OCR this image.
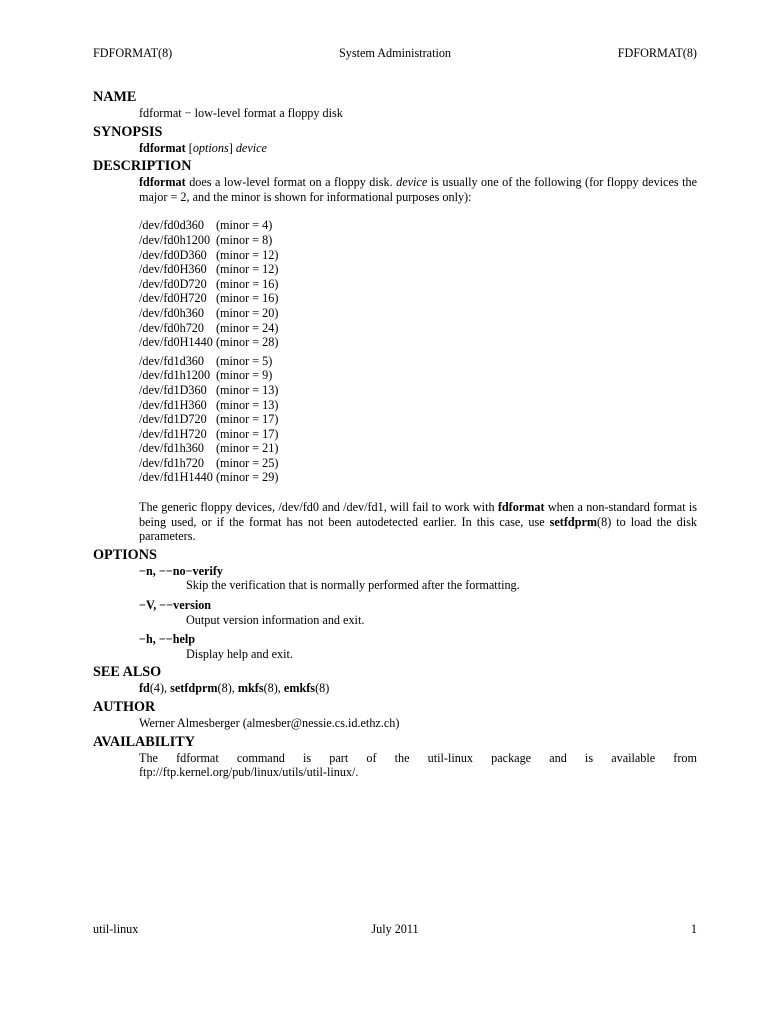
FDFORMAT(8)	System Administration	FDFORMAT(8)
NAME

fdformat − low-level format a floppy disk

SYNOPSIS

fdformat [options] device

DESCRIPTION

fdformat does a low-level format on a floppy disk. device is usually one of the following (for floppy devices the major = 2, and the minor is shown for informational purposes only):

/dev/fd0d360 (minor = 4)
/dev/fd0h1200 (minor = 8)
/dev/fd0D360 (minor = 12)
/dev/fd0H360 (minor = 12)
/dev/fd0D720 (minor = 16)
/dev/fd0H720 (minor = 16)
/dev/fd0h360 (minor = 20)
/dev/fd0h720 (minor = 24)
/dev/fd0H1440 (minor = 28)
/dev/fd1d360 (minor = 5)
/dev/fd1h1200 (minor = 9)
/dev/fd1D360 (minor = 13)
/dev/fd1H360 (minor = 13)
/dev/fd1D720 (minor = 17)
/dev/fd1H720 (minor = 17)
/dev/fd1h360 (minor = 21)
/dev/fd1h720 (minor = 25)
/dev/fd1H1440 (minor = 29)

The generic floppy devices, /dev/fd0 and /dev/fd1, will fail to work with fdformat when a non-standard format is being used, or if the format has not been autodetected earlier. In this case, use setfdprm(8) to load the disk parameters.

OPTIONS
−n, −−no−verify
Skip the verification that is normally performed after the formatting.
−V, −−version
Output version information and exit.
−h, −−help
Display help and exit.
SEE ALSO

fd(4), setfdprm(8), mkfs(8), emkfs(8)

AUTHOR

Werner Almesberger (almesber@nessie.cs.id.ethz.ch)

AVAILABILITY

The fdformat command is part of the util-linux package and is available from ftp://ftp.kernel.org/pub/linux/utils/util-linux/.

util-linux	July 2011	1
